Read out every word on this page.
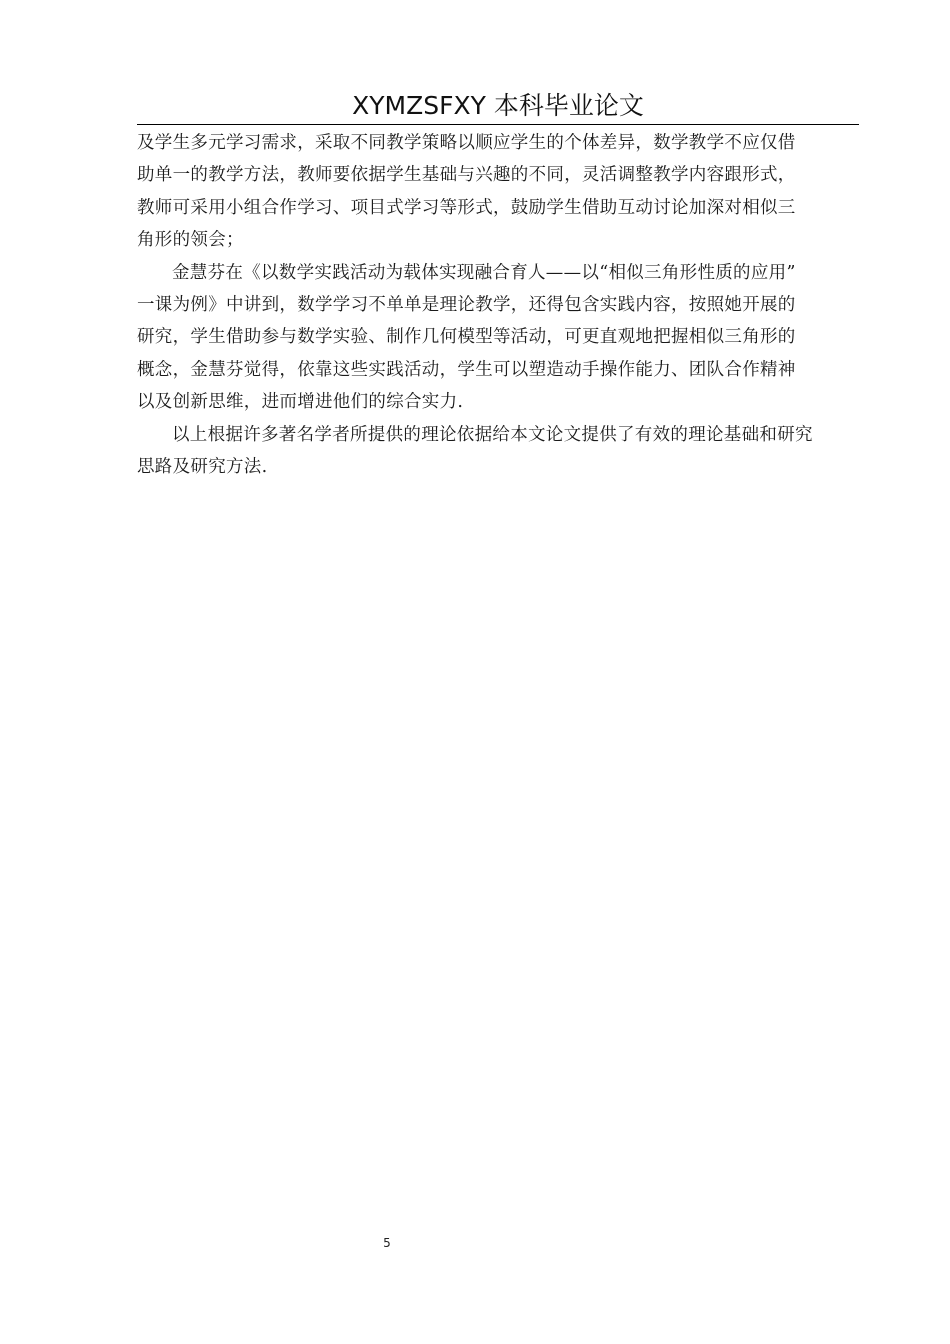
XYMZSFXY 本科毕业论文

及学生多元学习需求，采取不同教学策略以顺应学生的个体差异，数学教学不应仅借
助单一的教学方法，教师要依据学生基础与兴趣的不同，灵活调整教学内容跟形式，
教师可采用小组合作学习、项目式学习等形式，鼓励学生借助互动讨论加深对相似三
角形的领会；

金慧芬在《以数学实践活动为载体实现融合育人——以“相似三角形性质的应用”
一课为例》中讲到，数学学习不单单是理论教学，还得包含实践内容，按照她开展的
研究，学生借助参与数学实验、制作几何模型等活动，可更直观地把握相似三角形的
概念，金慧芬觉得，依靠这些实践活动，学生可以塑造动手操作能力、团队合作精神
以及创新思维，进而增进他们的综合实力.

以上根据许多著名学者所提供的理论依据给本文论文提供了有效的理论基础和研究
思路及研究方法.

5
